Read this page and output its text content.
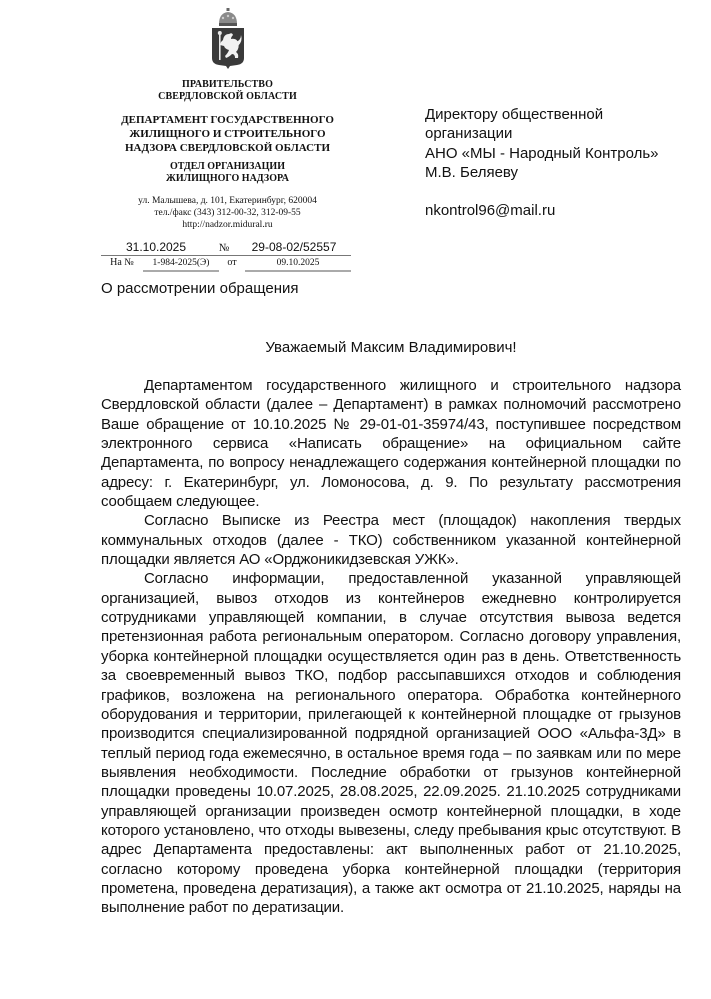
ПРАВИТЕЛЬСТВО
СВЕРДЛОВСКОЙ ОБЛАСТИ
ДЕПАРТАМЕНТ ГОСУДАРСТВЕННОГО
ЖИЛИЩНОГО И СТРОИТЕЛЬНОГО
НАДЗОРА СВЕРДЛОВСКОЙ ОБЛАСТИ
ОТДЕЛ ОРГАНИЗАЦИИ
ЖИЛИЩНОГО НАДЗОРА
ул. Малышева, д. 101, Екатеринбург, 620004
тел./факс (343) 312-00-32, 312-09-55
http://nadzor.midural.ru
31.10.2025	№	29-08-02/52557
На №	1-984-2025(Э)	от	09.10.2025
О рассмотрении обращения
Директору общественной
организации
АНО «МЫ - Народный Контроль»
М.В. Беляеву
nkontrol96@mail.ru
Уважаемый Максим Владимирович!

Департаментом государственного жилищного и строительного надзора Свердловской области (далее – Департамент) в рамках полномочий рассмотрено Ваше обращение от 10.10.2025 № 29-01-01-35974/43, поступившее посредством электронного сервиса «Написать обращение» на официальном сайте Департамента, по вопросу ненадлежащего содержания контейнерной площадки по адресу: г. Екатеринбург, ул. Ломоносова, д. 9. По результату рассмотрения сообщаем следующее.

Согласно Выписке из Реестра мест (площадок) накопления твердых коммунальных отходов (далее - ТКО) собственником указанной контейнерной площадки является АО «Орджоникидзевская УЖК».

Согласно информации, предоставленной указанной управляющей организацией, вывоз отходов из контейнеров ежедневно контролируется сотрудниками управляющей компании, в случае отсутствия вывоза ведется претензионная работа региональным оператором. Согласно договору управления, уборка контейнерной площадки осуществляется один раз в день. Ответственность за своевременный вывоз ТКО, подбор рассыпавшихся отходов и соблюдения графиков, возложена на регионального оператора. Обработка контейнерного оборудования и территории, прилегающей к контейнерной площадке от грызунов производится специализированной подрядной организацией ООО «Альфа-3Д» в теплый период года ежемесячно, в остальное время года – по заявкам или по мере выявления необходимости. Последние обработки от грызунов контейнерной площадки проведены 10.07.2025, 28.08.2025, 22.09.2025. 21.10.2025 сотрудниками управляющей организации произведен осмотр контейнерной площадки, в ходе которого установлено, что отходы вывезены, следу пребывания крыс отсутствуют. В адрес Департамента предоставлены: акт выполненных работ от 21.10.2025, согласно которому проведена уборка контейнерной площадки (территория прометена, проведена дератизация), а также акт осмотра от 21.10.2025, наряды на выполнение работ по дератизации.
